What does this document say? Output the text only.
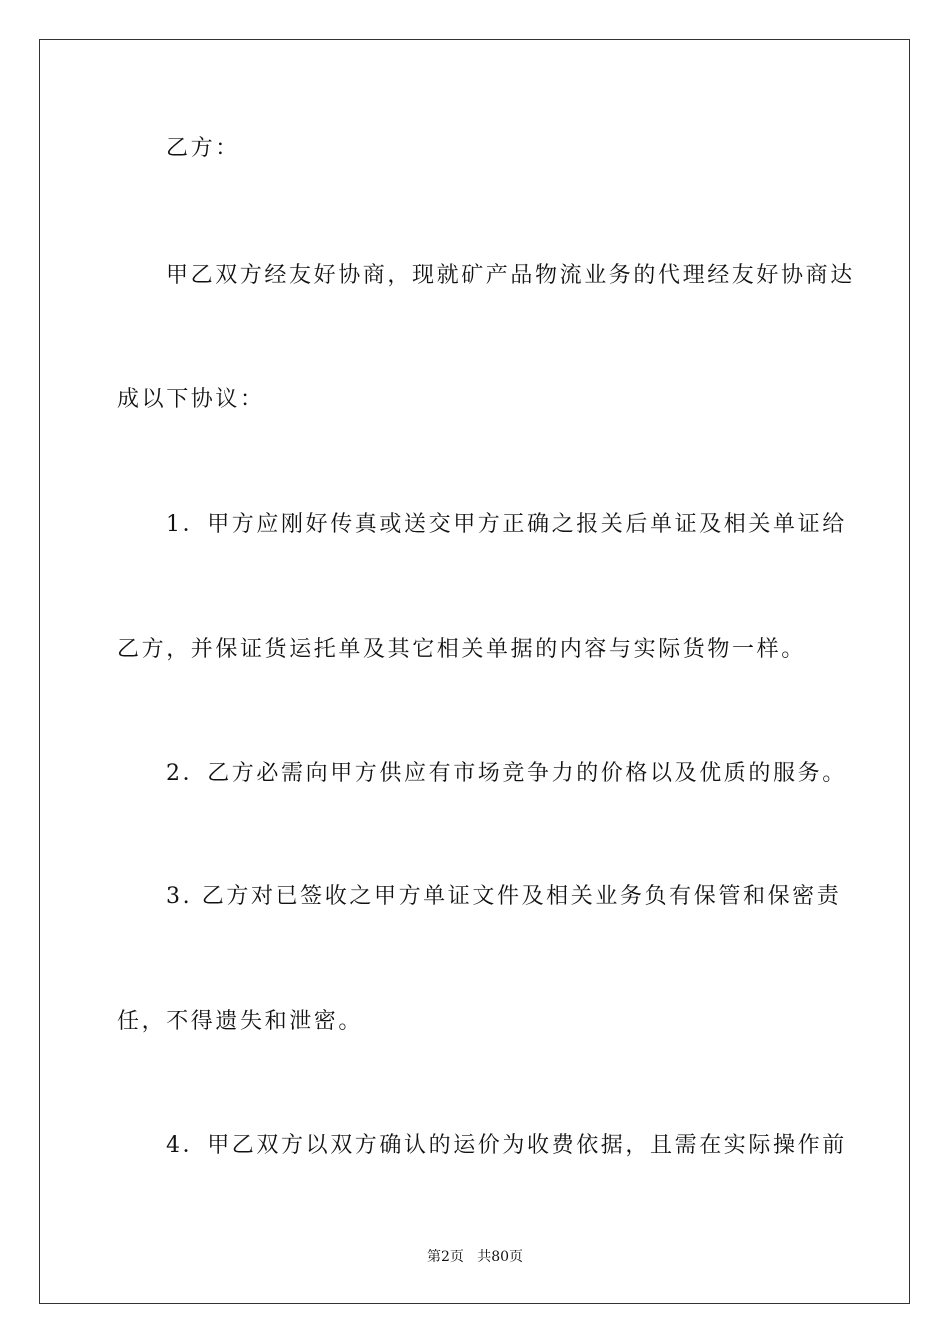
乙方：
甲乙双方经友好协商，现就矿产品物流业务的代理经友好协商达
成以下协议：
1．甲方应刚好传真或送交甲方正确之报关后单证及相关单证给
乙方，并保证货运托单及其它相关单据的内容与实际货物一样。
2．乙方必需向甲方供应有市场竞争力的价格以及优质的服务。
3. 乙方对已签收之甲方单证文件及相关业务负有保管和保密责
任，不得遗失和泄密。
4．甲乙双方以双方确认的运价为收费依据，且需在实际操作前
第2页   共80页
